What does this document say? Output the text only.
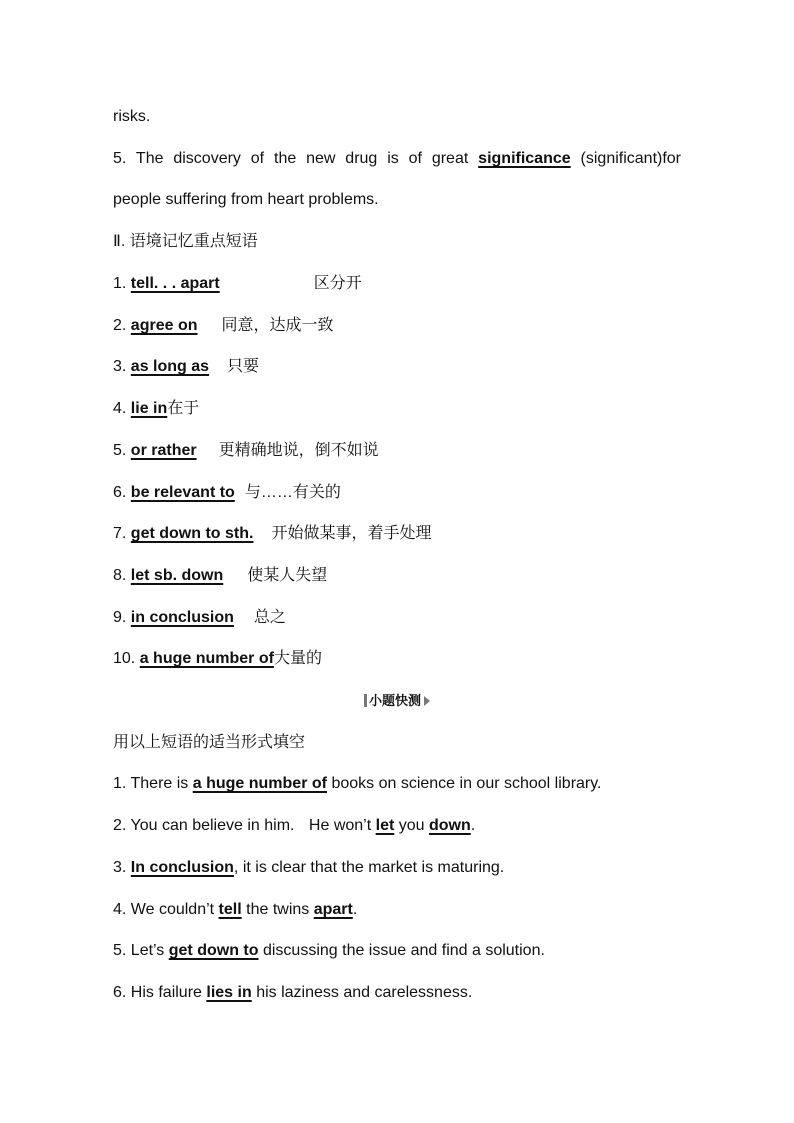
risks.
5. The discovery of the new drug is of great significance (significant)for
people suffering from heart problems.
Ⅱ. 语境记忆重点短语
1. tell. . . apart	区分开
2. agree on 同意，达成一致
3. as long as 只要
4. lie in在于
5. or rather 更精确地说，倒不如说
6. be relevant to 与……有关的
7. get down to sth. 开始做某事，着手处理
8. let sb. down 使某人失望
9. in conclusion 总之
10. a huge number of大量的
小题快测
用以上短语的适当形式填空
1. There is a huge number of books on science in our school library.
2. You can believe in him. He won’t let you down.
3. In conclusion, it is clear that the market is maturing.
4. We couldn’t tell the twins apart.
5. Let’s get down to discussing the issue and find a solution.
6. His failure lies in his laziness and carelessness.
